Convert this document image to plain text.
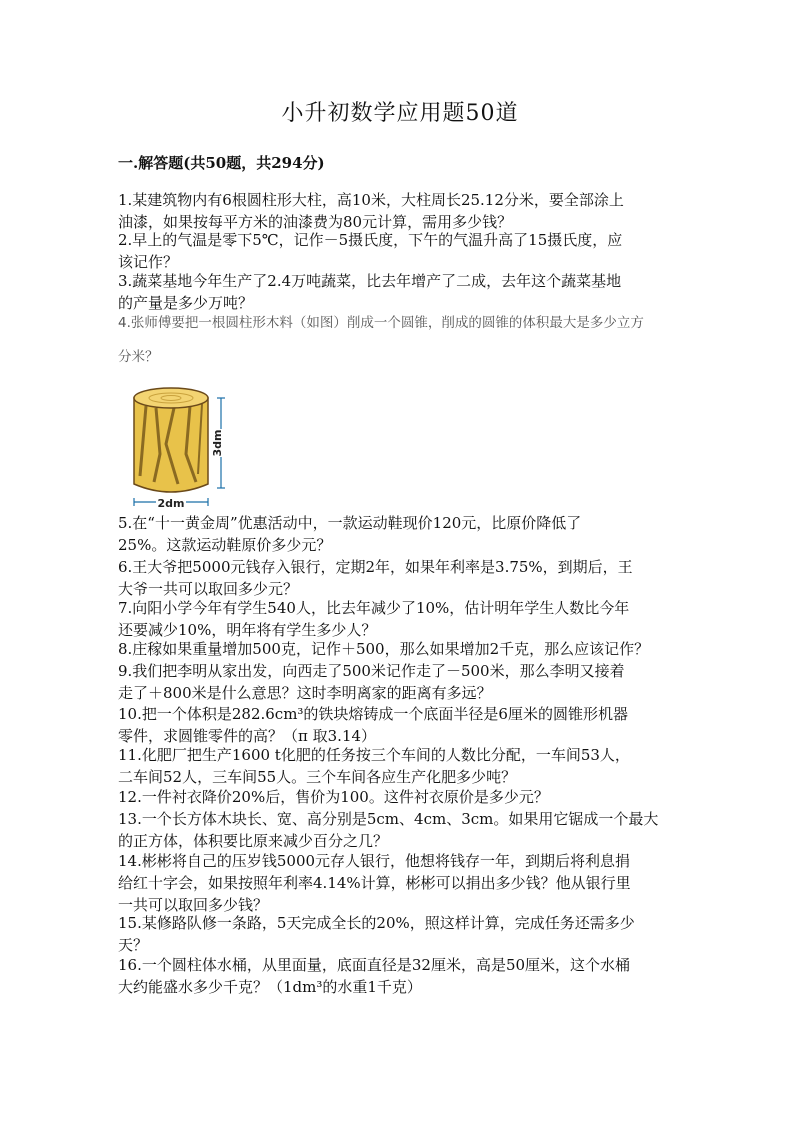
小升初数学应用题50道
一.解答题(共50题，共294分)
1.某建筑物内有6根圆柱形大柱，高10米，大柱周长25.12分米，要全部涂上
油漆，如果按每平方米的油漆费为80元计算，需用多少钱？
2.早上的气温是零下5℃，记作－5摄氏度，下午的气温升高了15摄氏度，应
该记作？
3.蔬菜基地今年生产了2.4万吨蔬菜，比去年增产了二成，去年这个蔬菜基地
的产量是多少万吨？
4.张师傅要把一根圆柱形木料（如图）削成一个圆锥，削成的圆锥的体积最大是多少立方
分米？
3dm
2dm
5.在“十一黄金周”优惠活动中，一款运动鞋现价120元，比原价降低了
25%。这款运动鞋原价多少元？
6.王大爷把5000元钱存入银行，定期2年，如果年利率是3.75%，到期后，王
大爷一共可以取回多少元？
7.向阳小学今年有学生540人，比去年减少了10%，估计明年学生人数比今年
还要减少10%，明年将有学生多少人？
8.庄稼如果重量增加500克，记作＋500，那么如果增加2千克，那么应该记作？
9.我们把李明从家出发，向西走了500米记作走了－500米，那么李明又接着
走了＋800米是什么意思？这时李明离家的距离有多远？
10.把一个体积是282.6cm³的铁块熔铸成一个底面半径是6厘米的圆锥形机器
零件，求圆锥零件的高？（π 取3.14）
11.化肥厂把生产1600 t化肥的任务按三个车间的人数比分配，一车间53人，
二车间52人，三车间55人。三个车间各应生产化肥多少吨？
12.一件衬衣降价20%后，售价为100。这件衬衣原价是多少元？
13.一个长方体木块长、宽、高分别是5cm、4cm、3cm。如果用它锯成一个最大
的正方体，体积要比原来减少百分之几？
14.彬彬将自己的压岁钱5000元存人银行，他想将钱存一年，到期后将利息捐
给红十字会，如果按照年利率4.14%计算，彬彬可以捐出多少钱？他从银行里
一共可以取回多少钱？
15.某修路队修一条路，5天完成全长的20%，照这样计算，完成任务还需多少
天？
16.一个圆柱体水桶，从里面量，底面直径是32厘米，高是50厘米，这个水桶
大约能盛水多少千克？（1dm³的水重1千克）
